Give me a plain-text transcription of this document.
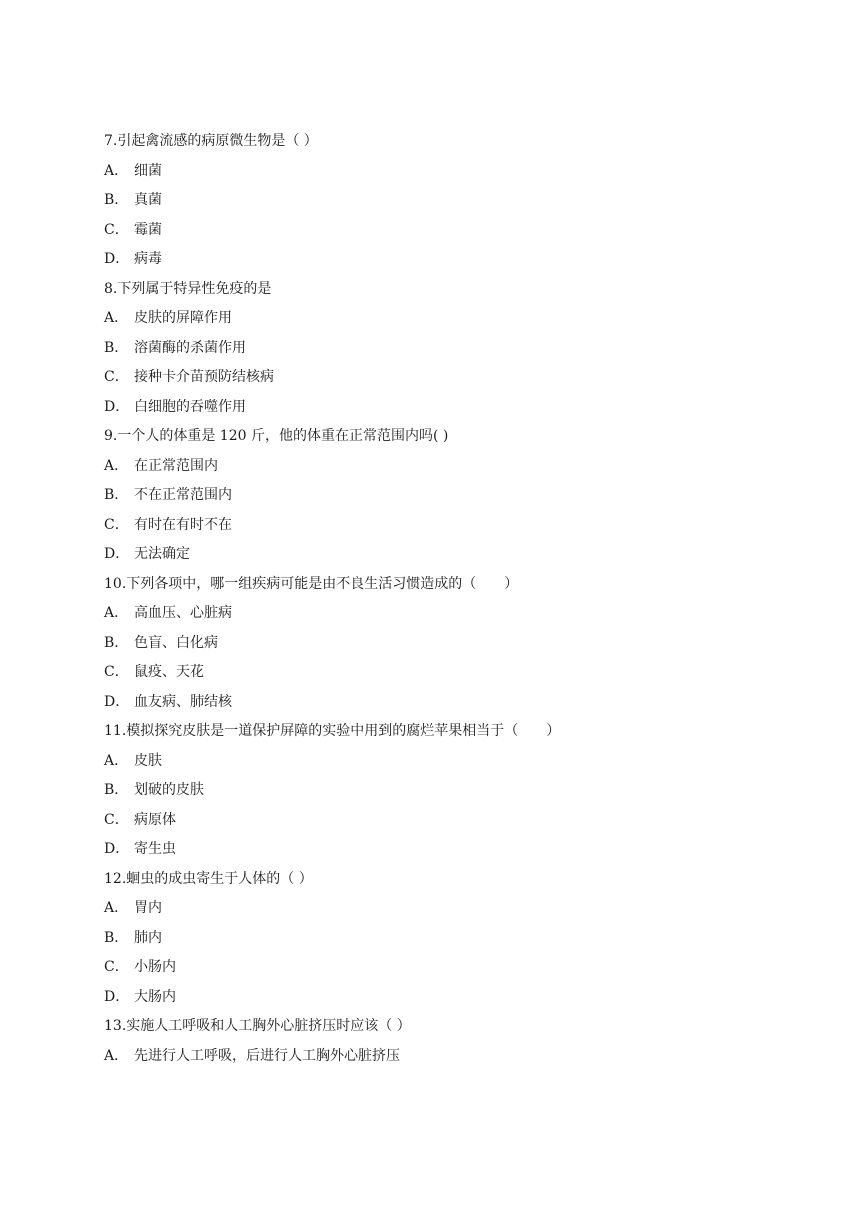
7.引起禽流感的病原微生物是（ ）
A． 细菌
B． 真菌
C． 霉菌
D． 病毒
8.下列属于特异性免疫的是
A． 皮肤的屏障作用
B． 溶菌酶的杀菌作用
C． 接种卡介苗预防结核病
D． 白细胞的吞噬作用
9.一个人的体重是 120 斤，他的体重在正常范围内吗( )
A． 在正常范围内
B． 不在正常范围内
C． 有时在有时不在
D． 无法确定
10.下列各项中，哪一组疾病可能是由不良生活习惯造成的（　　）
A． 高血压、心脏病
B． 色盲、白化病
C． 鼠疫、天花
D． 血友病、肺结核
11.模拟探究皮肤是一道保护屏障的实验中用到的腐烂苹果相当于（　　）
A． 皮肤
B． 划破的皮肤
C． 病原体
D． 寄生虫
12.蛔虫的成虫寄生于人体的（ ）
A． 胃内
B． 肺内
C． 小肠内
D． 大肠内
13.实施人工呼吸和人工胸外心脏挤压时应该（ ）
A． 先进行人工呼吸，后进行人工胸外心脏挤压
